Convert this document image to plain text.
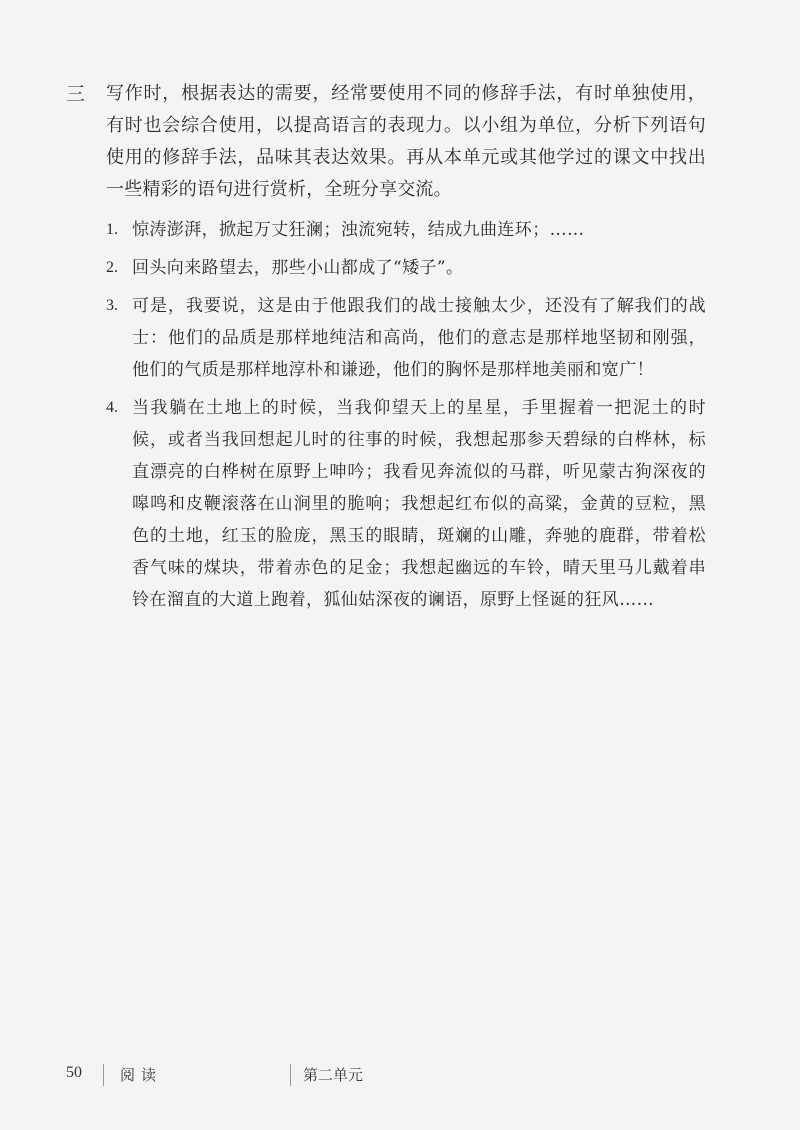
三	写作时，根据表达的需要，经常要使用不同的修辞手法，有时单独使用，有时也会综合使用，以提高语言的表现力。以小组为单位，分析下列语句使用的修辞手法，品味其表达效果。再从本单元或其他学过的课文中找出一些精彩的语句进行赏析，全班分享交流。
1. 惊涛澎湃，掀起万丈狂澜；浊流宛转，结成九曲连环；……
2. 回头向来路望去，那些小山都成了“矮子”。
3. 可是，我要说，这是由于他跟我们的战士接触太少，还没有了解我们的战士：他们的品质是那样地纯洁和高尚，他们的意志是那样地坚韧和刚强，他们的气质是那样地淳朴和谦逊，他们的胸怀是那样地美丽和宽广！
4. 当我躺在土地上的时候，当我仰望天上的星星，手里握着一把泥土的时候，或者当我回想起儿时的往事的时候，我想起那参天碧绿的白桦林，标直漂亮的白桦树在原野上呻吟；我看见奔流似的马群，听见蒙古狗深夜的嗥鸣和皮鞭滚落在山涧里的脆响；我想起红布似的高粱，金黄的豆粒，黑色的土地，红玉的脸庞，黑玉的眼睛，斑斓的山雕，奔驰的鹿群，带着松香气味的煤块，带着赤色的足金；我想起幽远的车铃，晴天里马儿戴着串铃在溜直的大道上跑着，狐仙姑深夜的谰语，原野上怪诞的狂风……
50	阅读	第二单元
